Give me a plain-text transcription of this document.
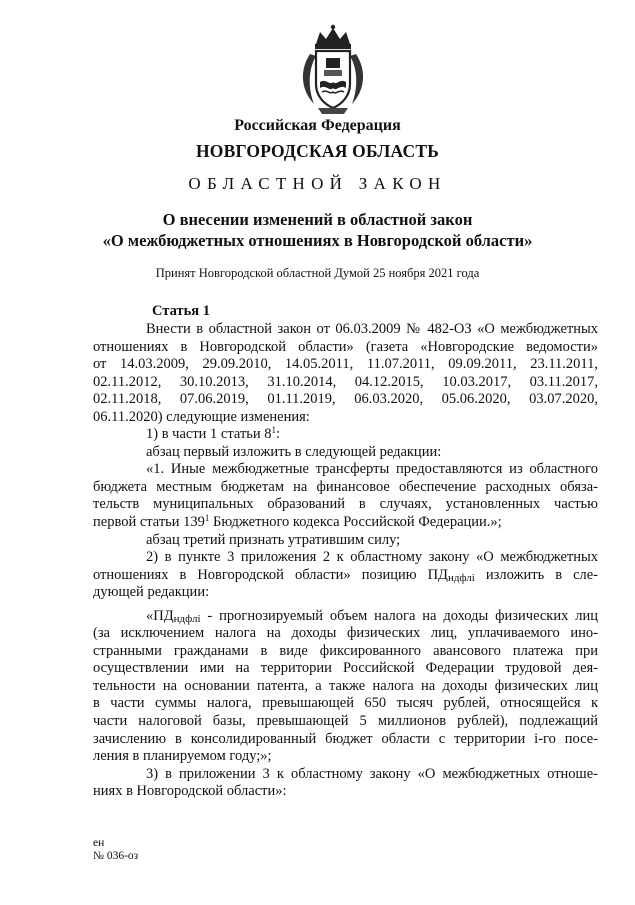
Российская Федерация
НОВГОРОДСКАЯ ОБЛАСТЬ
ОБЛАСТНОЙ ЗАКОН
О внесении изменений в областной закон
«О межбюджетных отношениях в Новгородской области»
Принят Новгородской областной Думой 25 ноября 2021 года
Статья 1

Внести в областной закон от 06.03.2009 № 482-ОЗ «О межбюджетных

отношениях в Новгородской области» (газета «Новгородские ведомости»

от 14.03.2009, 29.09.2010, 14.05.2011, 11.07.2011, 09.09.2011, 23.11.2011,

02.11.2012, 30.10.2013, 31.10.2014, 04.12.2015, 10.03.2017, 03.11.2017,

02.11.2018, 07.06.2019, 01.11.2019, 06.03.2020, 05.06.2020, 03.07.2020,

06.11.2020) следующие изменения:

1) в части 1 статьи $8^1$:

абзац первый изложить в следующей редакции:

«1. Иные межбюджетные трансферты предоставляются из областного

бюджета местным бюджетам на финансовое обеспечение расходных обяза-

тельств муниципальных образований в случаях, установленных частью

первой статьи $139^1$ Бюджетного кодекса Российской Федерации.»;

абзац третий признать утратившим силу;

2) в пункте 3 приложения 2 к областному закону «О межбюджетных

отношениях в Новгородской области» позицию $ПД_{ндфлi}$ изложить в сле-

дующей редакции:

«$ПД_{ндфлi}$ - прогнозируемый объем налога на доходы физических лиц

(за исключением налога на доходы физических лиц, уплачиваемого ино-

странными гражданами в виде фиксированного авансового платежа при

осуществлении ими на территории Российской Федерации трудовой дея-

тельности на основании патента, а также налога на доходы физических лиц

в части суммы налога, превышающей 650 тысяч рублей, относящейся к

части налоговой базы, превышающей 5 миллионов рублей), подлежащий

зачислению в консолидированный бюджет области с территории i-го посе-

ления в планируемом году;»;

3) в приложении 3 к областному закону «О межбюджетных отноше-

ниях в Новгородской области»:

ен
№ 036-оз
